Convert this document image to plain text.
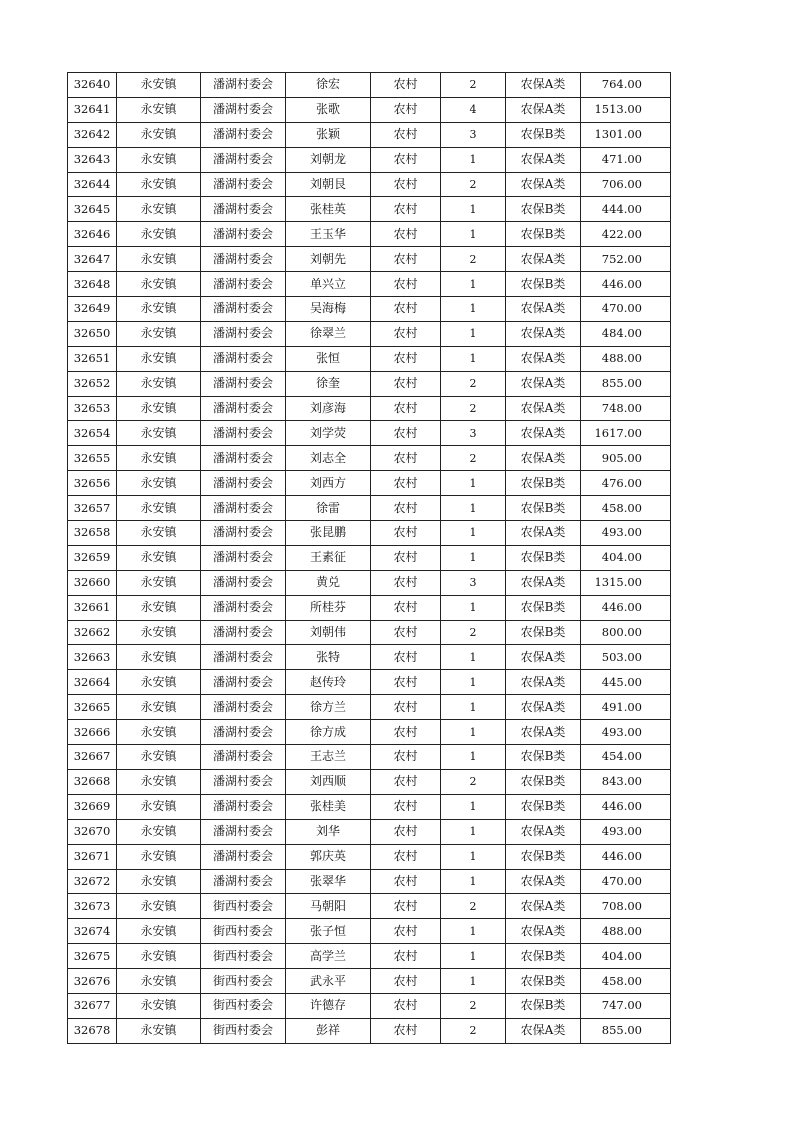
32640	永安镇	潘湖村委会	徐宏	农村	2	农保A类	764.00
32641	永安镇	潘湖村委会	张歌	农村	4	农保A类	1513.00
32642	永安镇	潘湖村委会	张颖	农村	3	农保B类	1301.00
32643	永安镇	潘湖村委会	刘朝龙	农村	1	农保A类	471.00
32644	永安镇	潘湖村委会	刘朝艮	农村	2	农保A类	706.00
32645	永安镇	潘湖村委会	张桂英	农村	1	农保B类	444.00
32646	永安镇	潘湖村委会	王玉华	农村	1	农保B类	422.00
32647	永安镇	潘湖村委会	刘朝先	农村	2	农保A类	752.00
32648	永安镇	潘湖村委会	单兴立	农村	1	农保B类	446.00
32649	永安镇	潘湖村委会	吴海梅	农村	1	农保A类	470.00
32650	永安镇	潘湖村委会	徐翠兰	农村	1	农保A类	484.00
32651	永安镇	潘湖村委会	张恒	农村	1	农保A类	488.00
32652	永安镇	潘湖村委会	徐奎	农村	2	农保A类	855.00
32653	永安镇	潘湖村委会	刘彦海	农村	2	农保A类	748.00
32654	永安镇	潘湖村委会	刘学荧	农村	3	农保A类	1617.00
32655	永安镇	潘湖村委会	刘志全	农村	2	农保A类	905.00
32656	永安镇	潘湖村委会	刘西方	农村	1	农保B类	476.00
32657	永安镇	潘湖村委会	徐雷	农村	1	农保B类	458.00
32658	永安镇	潘湖村委会	张昆鹏	农村	1	农保A类	493.00
32659	永安镇	潘湖村委会	王素征	农村	1	农保B类	404.00
32660	永安镇	潘湖村委会	黄兑	农村	3	农保A类	1315.00
32661	永安镇	潘湖村委会	所桂芬	农村	1	农保B类	446.00
32662	永安镇	潘湖村委会	刘朝伟	农村	2	农保B类	800.00
32663	永安镇	潘湖村委会	张特	农村	1	农保A类	503.00
32664	永安镇	潘湖村委会	赵传玲	农村	1	农保A类	445.00
32665	永安镇	潘湖村委会	徐方兰	农村	1	农保A类	491.00
32666	永安镇	潘湖村委会	徐方成	农村	1	农保A类	493.00
32667	永安镇	潘湖村委会	王志兰	农村	1	农保B类	454.00
32668	永安镇	潘湖村委会	刘西顺	农村	2	农保B类	843.00
32669	永安镇	潘湖村委会	张桂美	农村	1	农保B类	446.00
32670	永安镇	潘湖村委会	刘华	农村	1	农保A类	493.00
32671	永安镇	潘湖村委会	郭庆英	农村	1	农保B类	446.00
32672	永安镇	潘湖村委会	张翠华	农村	1	农保A类	470.00
32673	永安镇	街西村委会	马朝阳	农村	2	农保A类	708.00
32674	永安镇	街西村委会	张子恒	农村	1	农保A类	488.00
32675	永安镇	街西村委会	高学兰	农村	1	农保B类	404.00
32676	永安镇	街西村委会	武永平	农村	1	农保B类	458.00
32677	永安镇	街西村委会	许德存	农村	2	农保B类	747.00
32678	永安镇	街西村委会	彭祥	农村	2	农保A类	855.00
